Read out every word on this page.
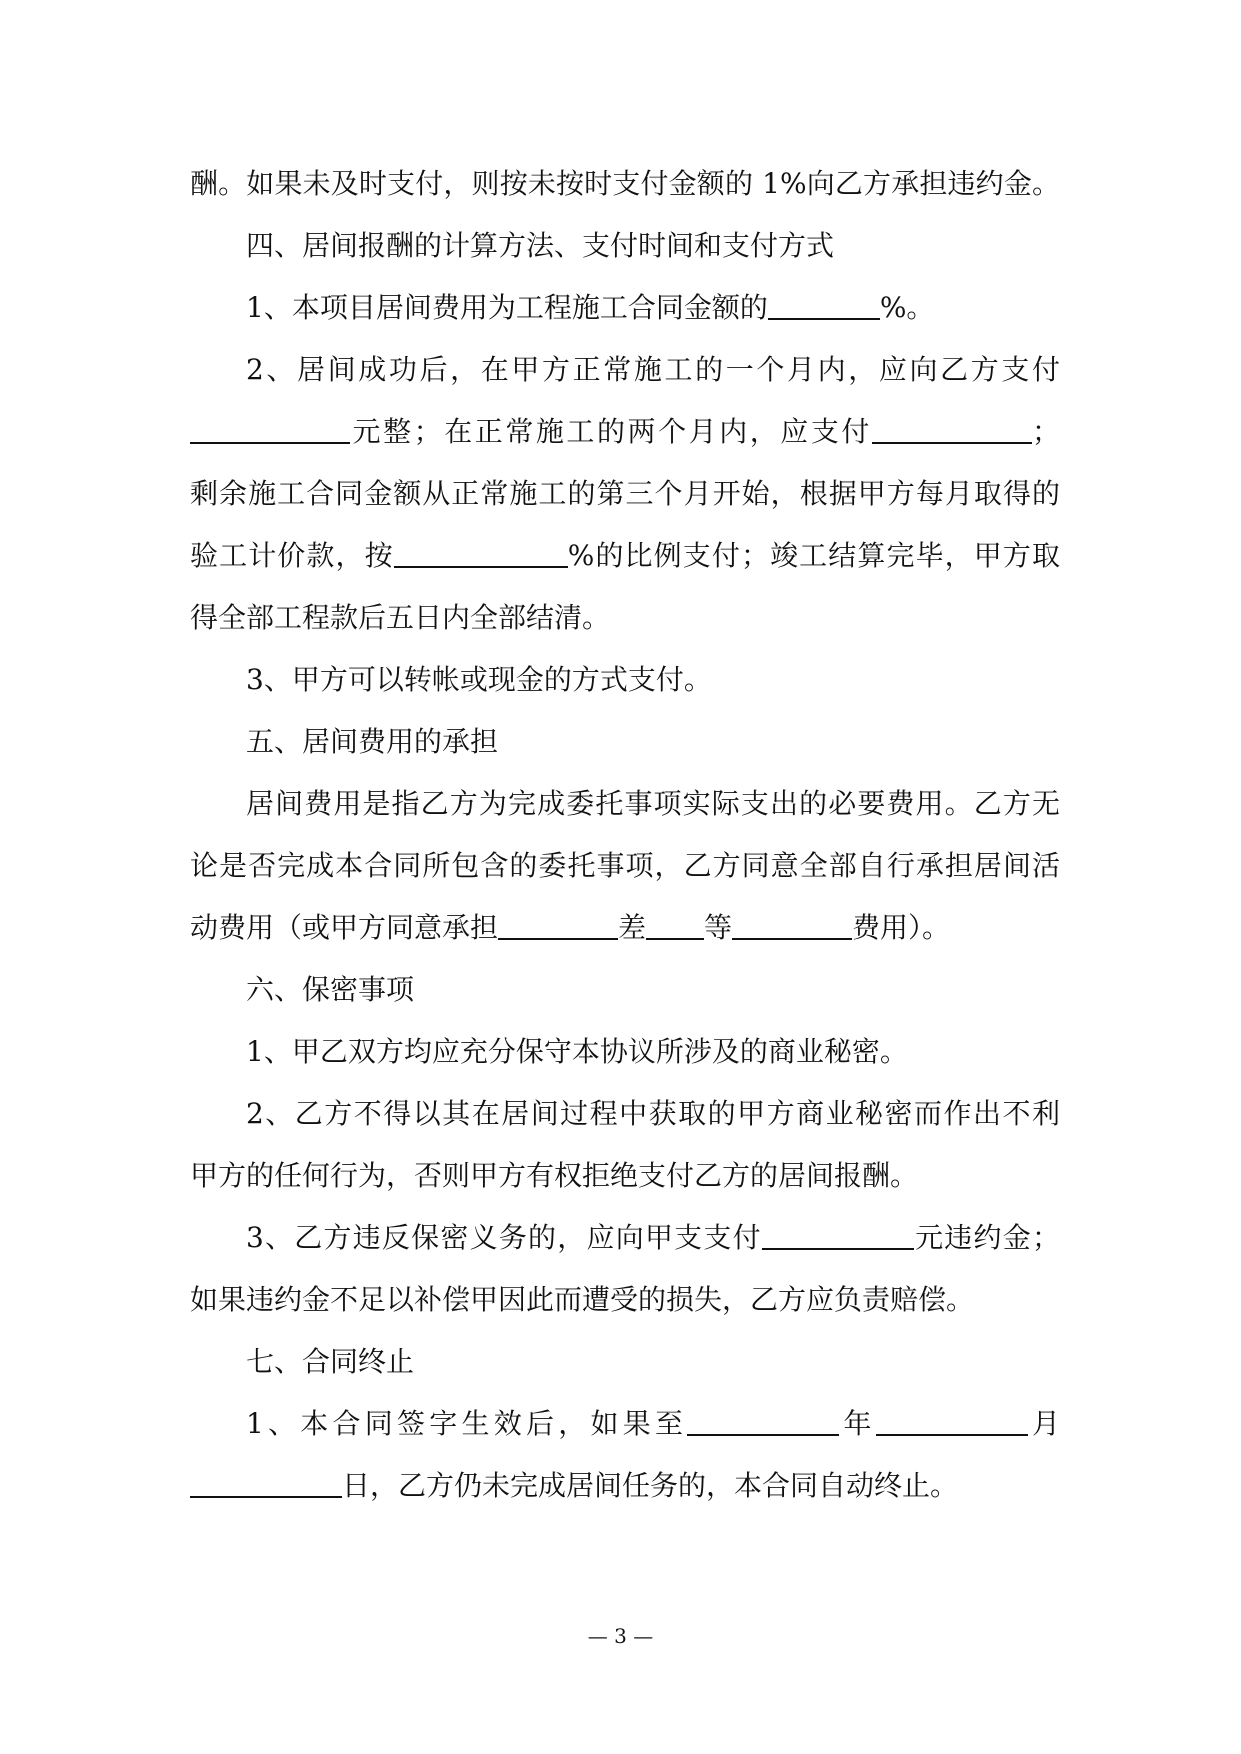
酬。如果未及时支付，则按未按时支付金额的 1%向乙方承担违约金。
四、居间报酬的计算方法、支付时间和支付方式
1、本项目居间费用为工程施工合同金额的	%。
2、居间成功后，在甲方正常施工的一个月内，应向乙方支付
元整；在正常施工的两个月内，应支付	；
剩余施工合同金额从正常施工的第三个月开始，根据甲方每月取得的
验工计价款，按	%的比例支付；竣工结算完毕，甲方取
得全部工程款后五日内全部结清。
3、甲方可以转帐或现金的方式支付。
五、居间费用的承担
居间费用是指乙方为完成委托事项实际支出的必要费用。乙方无
论是否完成本合同所包含的委托事项，乙方同意全部自行承担居间活
动费用（或甲方同意承担	差 等	费用）。
六、保密事项
1、甲乙双方均应充分保守本协议所涉及的商业秘密。
2、乙方不得以其在居间过程中获取的甲方商业秘密而作出不利
甲方的任何行为，否则甲方有权拒绝支付乙方的居间报酬。
3、乙方违反保密义务的，应向甲支支付	元违约金；
如果违约金不足以补偿甲因此而遭受的损失，乙方应负责赔偿。
七、合同终止
1、本合同签字生效后，如果至	年	月
日，乙方仍未完成居间任务的，本合同自动终止。
— 3 —
